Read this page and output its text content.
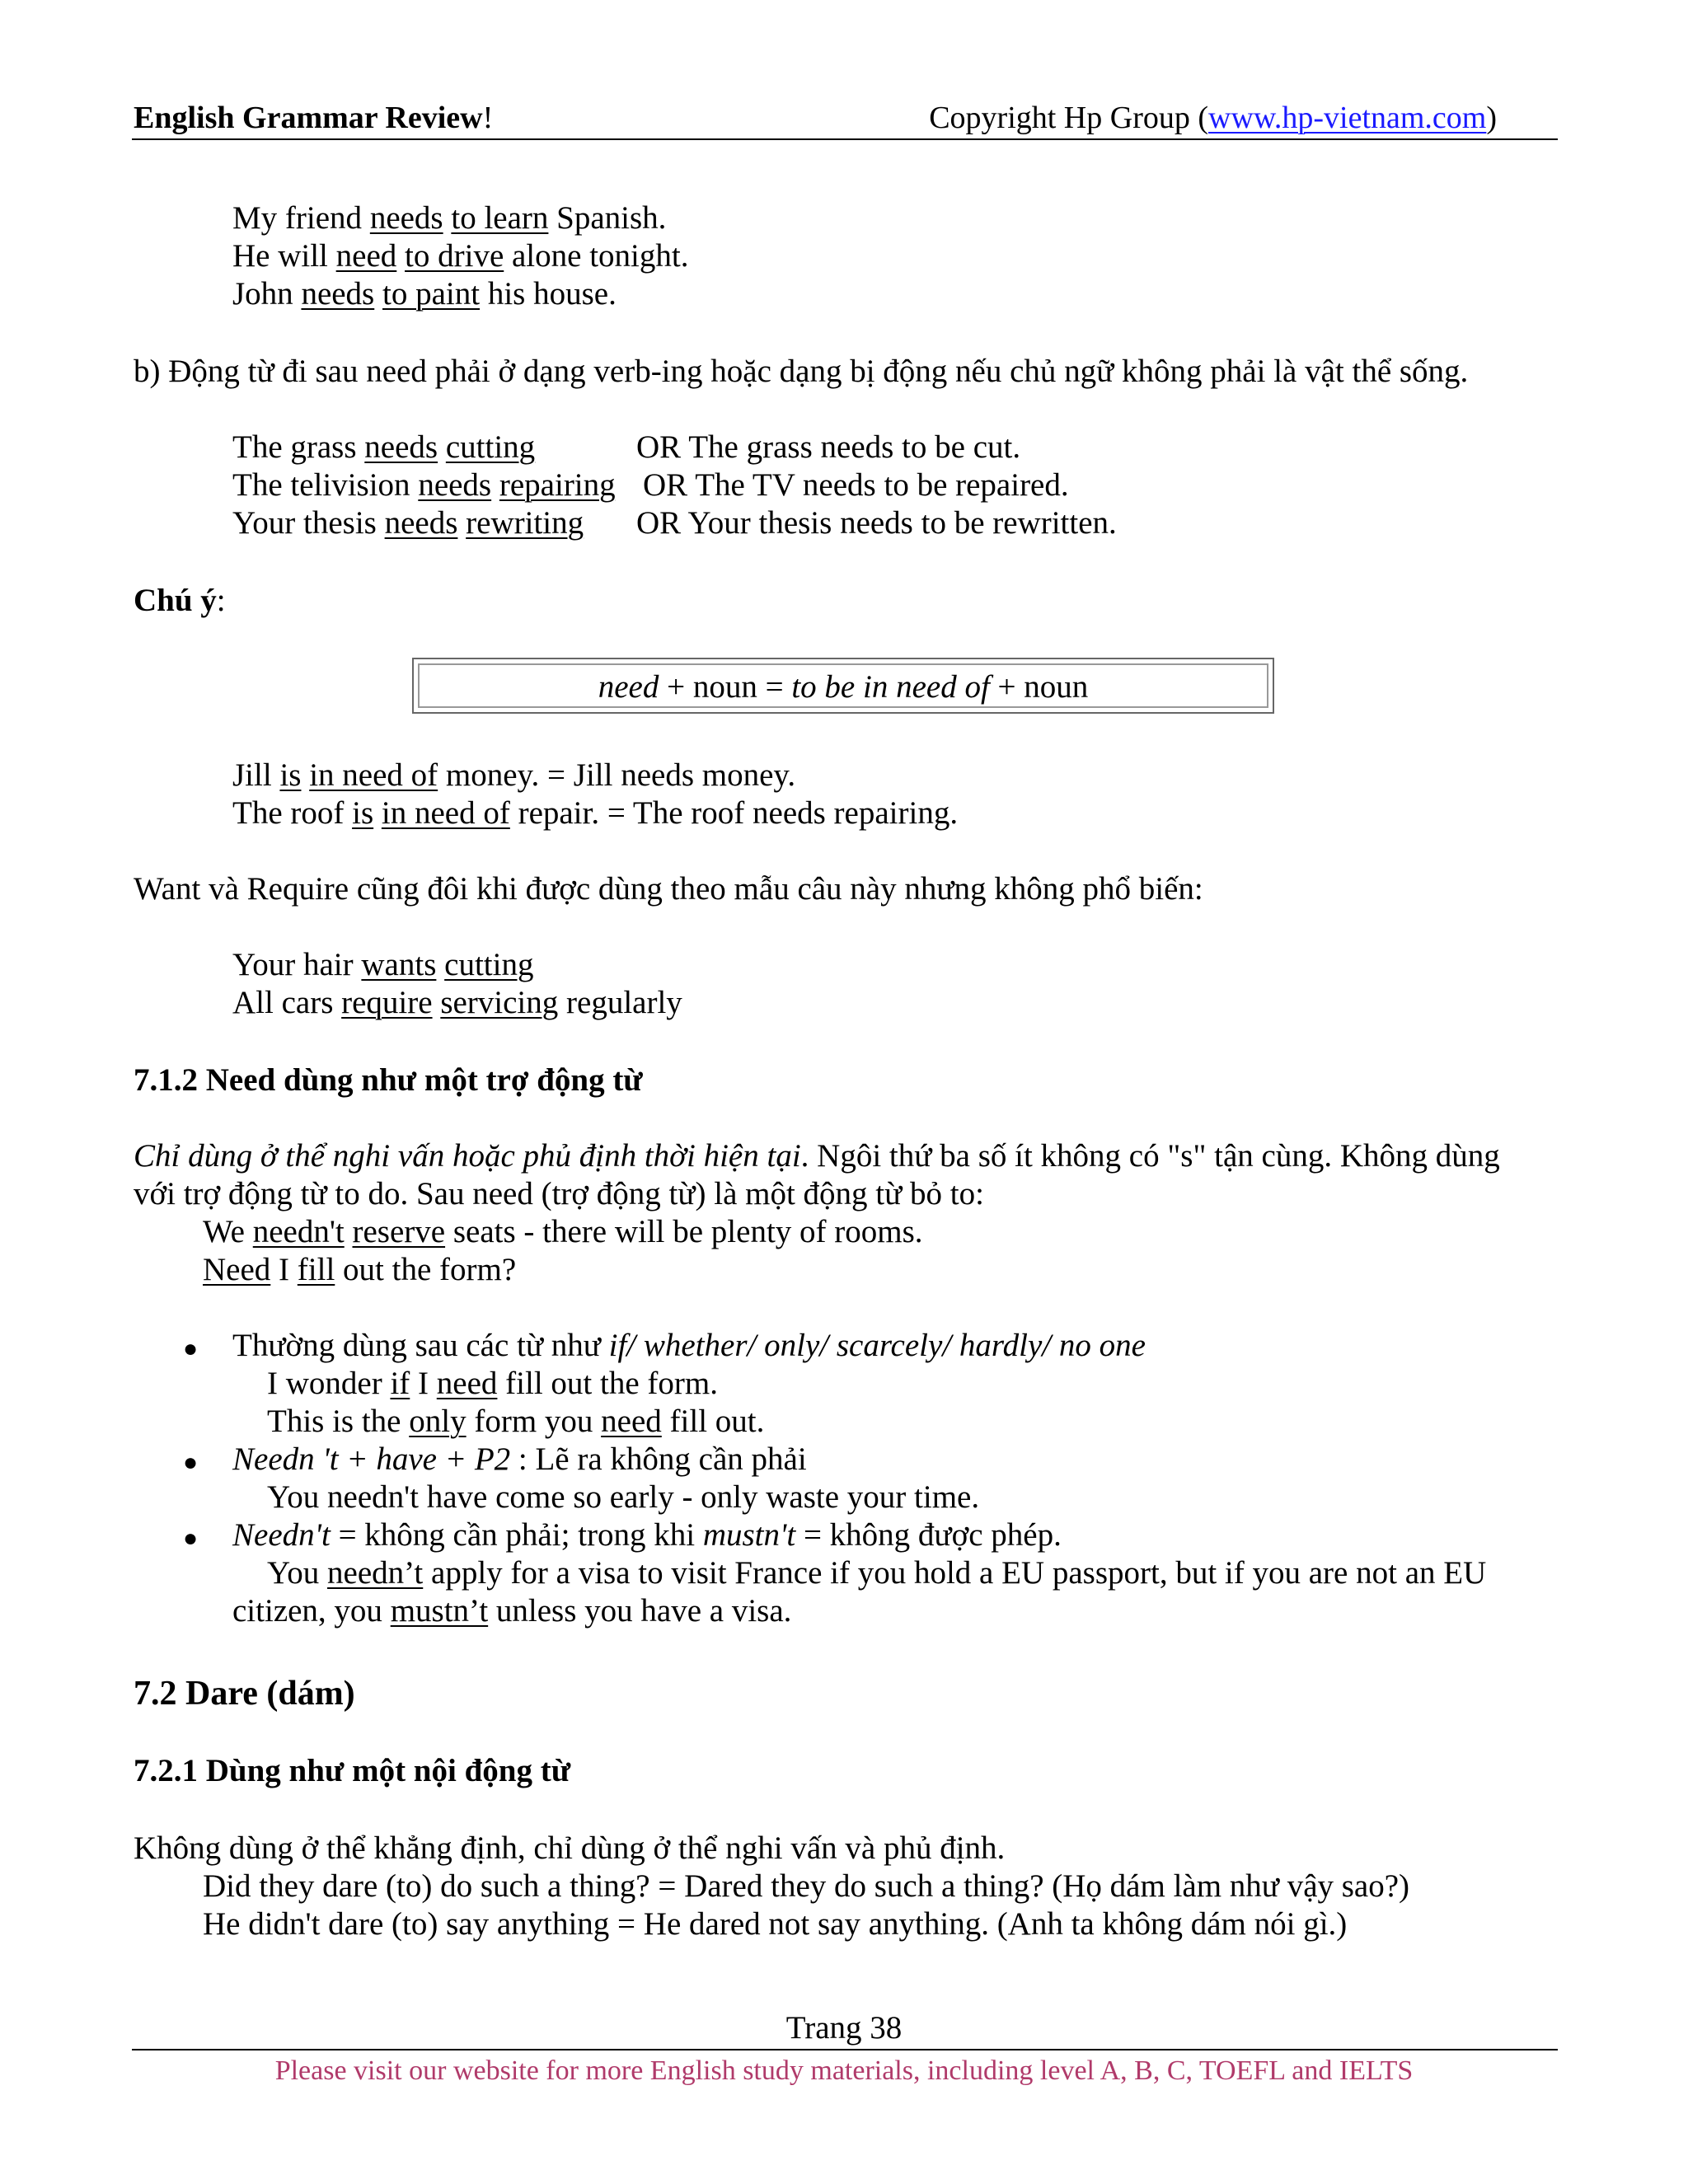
English Grammar Review!	Copyright Hp Group (www.hp-vietnam.com)
My friend needs to learn Spanish.
He will need to drive alone tonight.
John needs to paint his house.
b) Động từ đi sau need phải ở dạng verb-ing hoặc dạng bị động nếu chủ ngữ không phải là vật thể sống.
The grass needs cutting	OR The grass needs to be cut.
The telivision needs repairing OR The TV needs to be repaired.
Your thesis needs rewriting OR Your thesis needs to be rewritten.
Chú ý:
need + noun = to be in need of + noun
Jill is in need of money. = Jill needs money.
The roof is in need of repair. = The roof needs repairing.
Want và Require cũng đôi khi được dùng theo mẫu câu này nhưng không phổ biến:
Your hair wants cutting
All cars require servicing regularly
7.1.2 Need dùng như một trợ động từ
Chỉ dùng ở thể nghi vấn hoặc phủ định thời hiện tại. Ngôi thứ ba số ít không có "s" tận cùng. Không dùng
với trợ động từ to do. Sau need (trợ động từ) là một động từ bỏ to:
We needn't reserve seats - there will be plenty of rooms.
Need I fill out the form?
● Thường dùng sau các từ như if/ whether/ only/ scarcely/ hardly/ no one
I wonder if I need fill out the form.
This is the only form you need fill out.
● Needn 't + have + P2 : Lẽ ra không cần phải
You needn't have come so early - only waste your time.
● Needn't = không cần phải; trong khi mustn't = không được phép.
You needn’t apply for a visa to visit France if you hold a EU passport, but if you are not an EU
citizen, you mustn’t unless you have a visa.
7.2 Dare (dám)
7.2.1 Dùng như một nội động từ
Không dùng ở thể khẳng định, chỉ dùng ở thể nghi vấn và phủ định.
Did they dare (to) do such a thing? = Dared they do such a thing? (Họ dám làm như vậy sao?)
He didn't dare (to) say anything = He dared not say anything. (Anh ta không dám nói gì.)
Trang 38
Please visit our website for more English study materials, including level A, B, C, TOEFL and IELTS
